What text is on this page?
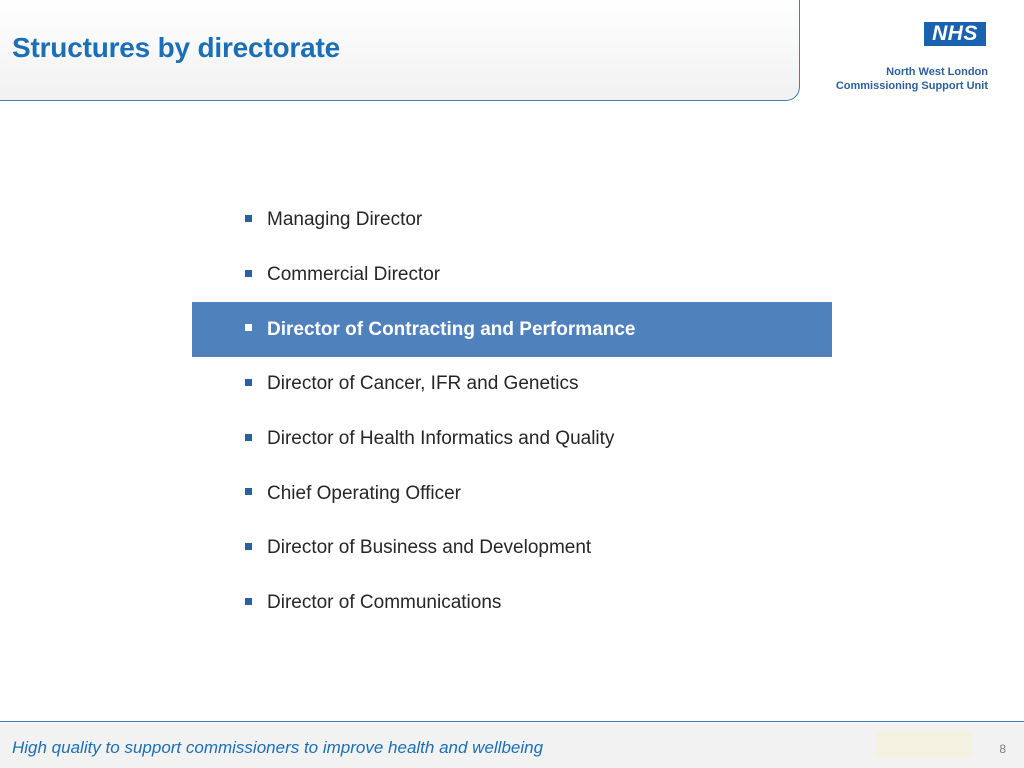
Structures by directorate	NHS
North West London
Commissioning Support Unit
Managing Director
Commercial Director
Director of Contracting and Performance
Director of Cancer, IFR and Genetics
Director of Health Informatics and Quality
Chief Operating Officer
Director of Business and Development
Director of Communications
High quality to support commissioners to improve health and wellbeing	8
